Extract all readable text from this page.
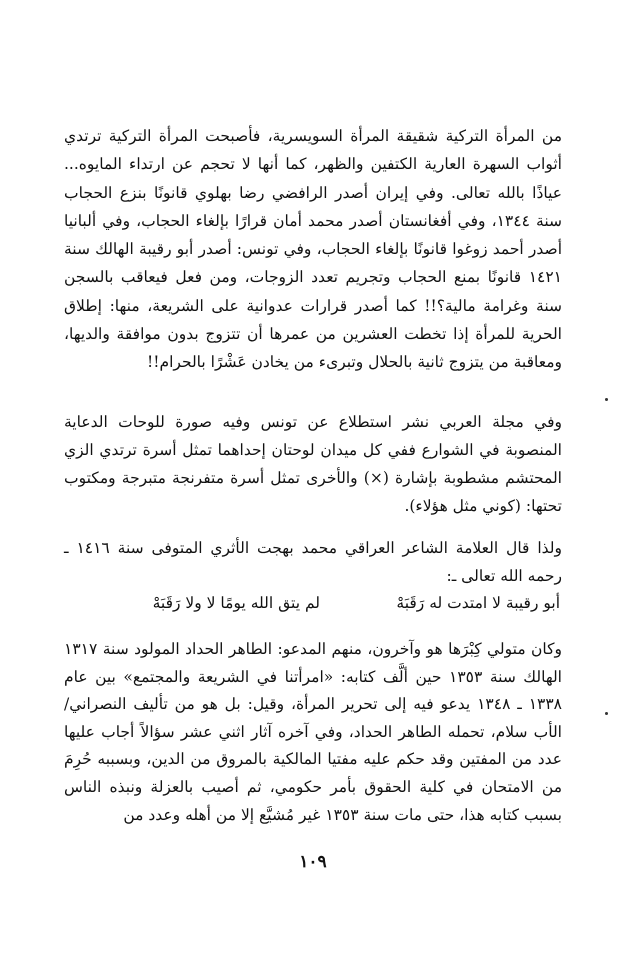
من المرأة التركية شقيقة المرأة السويسرية، فأصبحت المرأة التركية ترتدي أثواب السهرة العارية الكتفين والظهر، كما أنها لا تحجم عن ارتداء المايوه... عياذًا بالله تعالى. وفي إيران أصدر الرافضي رضا بهلوي قانونًا بنزع الحجاب سنة ١٣٤٤، وفي أفغانستان أصدر محمد أمان قرارًا بإلغاء الحجاب، وفي ألبانيا أصدر أحمد زوغوا قانونًا بإلغاء الحجاب، وفي تونس: أصدر أبو رقيبة الهالك سنة ١٤٢١ قانونًا بمنع الحجاب وتجريم تعدد الزوجات، ومن فعل فيعاقب بالسجن سنة وغرامة مالية؟!! كما أصدر قرارات عدوانية على الشريعة، منها: إطلاق الحرية للمرأة إذا تخطت العشرين من عمرها أن تتزوج بدون موافقة والديها، ومعاقبة من يتزوج ثانية بالحلال وتبرىء من يخادن عَشْرًا بالحرام!!

وفي مجلة العربي نشر استطلاع عن تونس وفيه صورة للوحات الدعاية المنصوبة في الشوارع ففي كل ميدان لوحتان إحداهما تمثل أسرة ترتدي الزي المحتشم مشطوبة بإشارة (×) والأخرى تمثل أسرة متفرنجة متبرجة ومكتوب تحتها: (كوني مثل هؤلاء).

ولذا قال العلامة الشاعر العراقي محمد بهجت الأثري المتوفى سنة ١٤١٦ ـ رحمه الله تعالى ـ:

أبو رقيبة لا امتدت له رَقَبَهْ
لم يتق الله يومًا لا ولا رَقَبَهْ

وكان متولي كِبْرَها هو وآخرون، منهم المدعو: الطاهر الحداد المولود سنة ١٣١٧ الهالك سنة ١٣٥٣ حين ألَّف كتابه: «امرأتنا في الشريعة والمجتمع» بين عام ١٣٣٨ ـ ١٣٤٨ يدعو فيه إلى تحرير المرأة، وقيل: بل هو من تأليف النصراني/ الأب سلام، تحمله الطاهر الحداد، وفي آخره آثار اثني عشر سؤالاً أجاب عليها عدد من المفتين وقد حكم عليه مفتيا المالكية بالمروق من الدين، وبسببه حُرِمَ من الامتحان في كلية الحقوق بأمر حكومي، ثم أصيب بالعزلة ونبذه الناس بسبب كتابه هذا، حتى مات سنة ١٣٥٣ غير مُشيَّع إلا من أهله وعدد من

١٠٩
